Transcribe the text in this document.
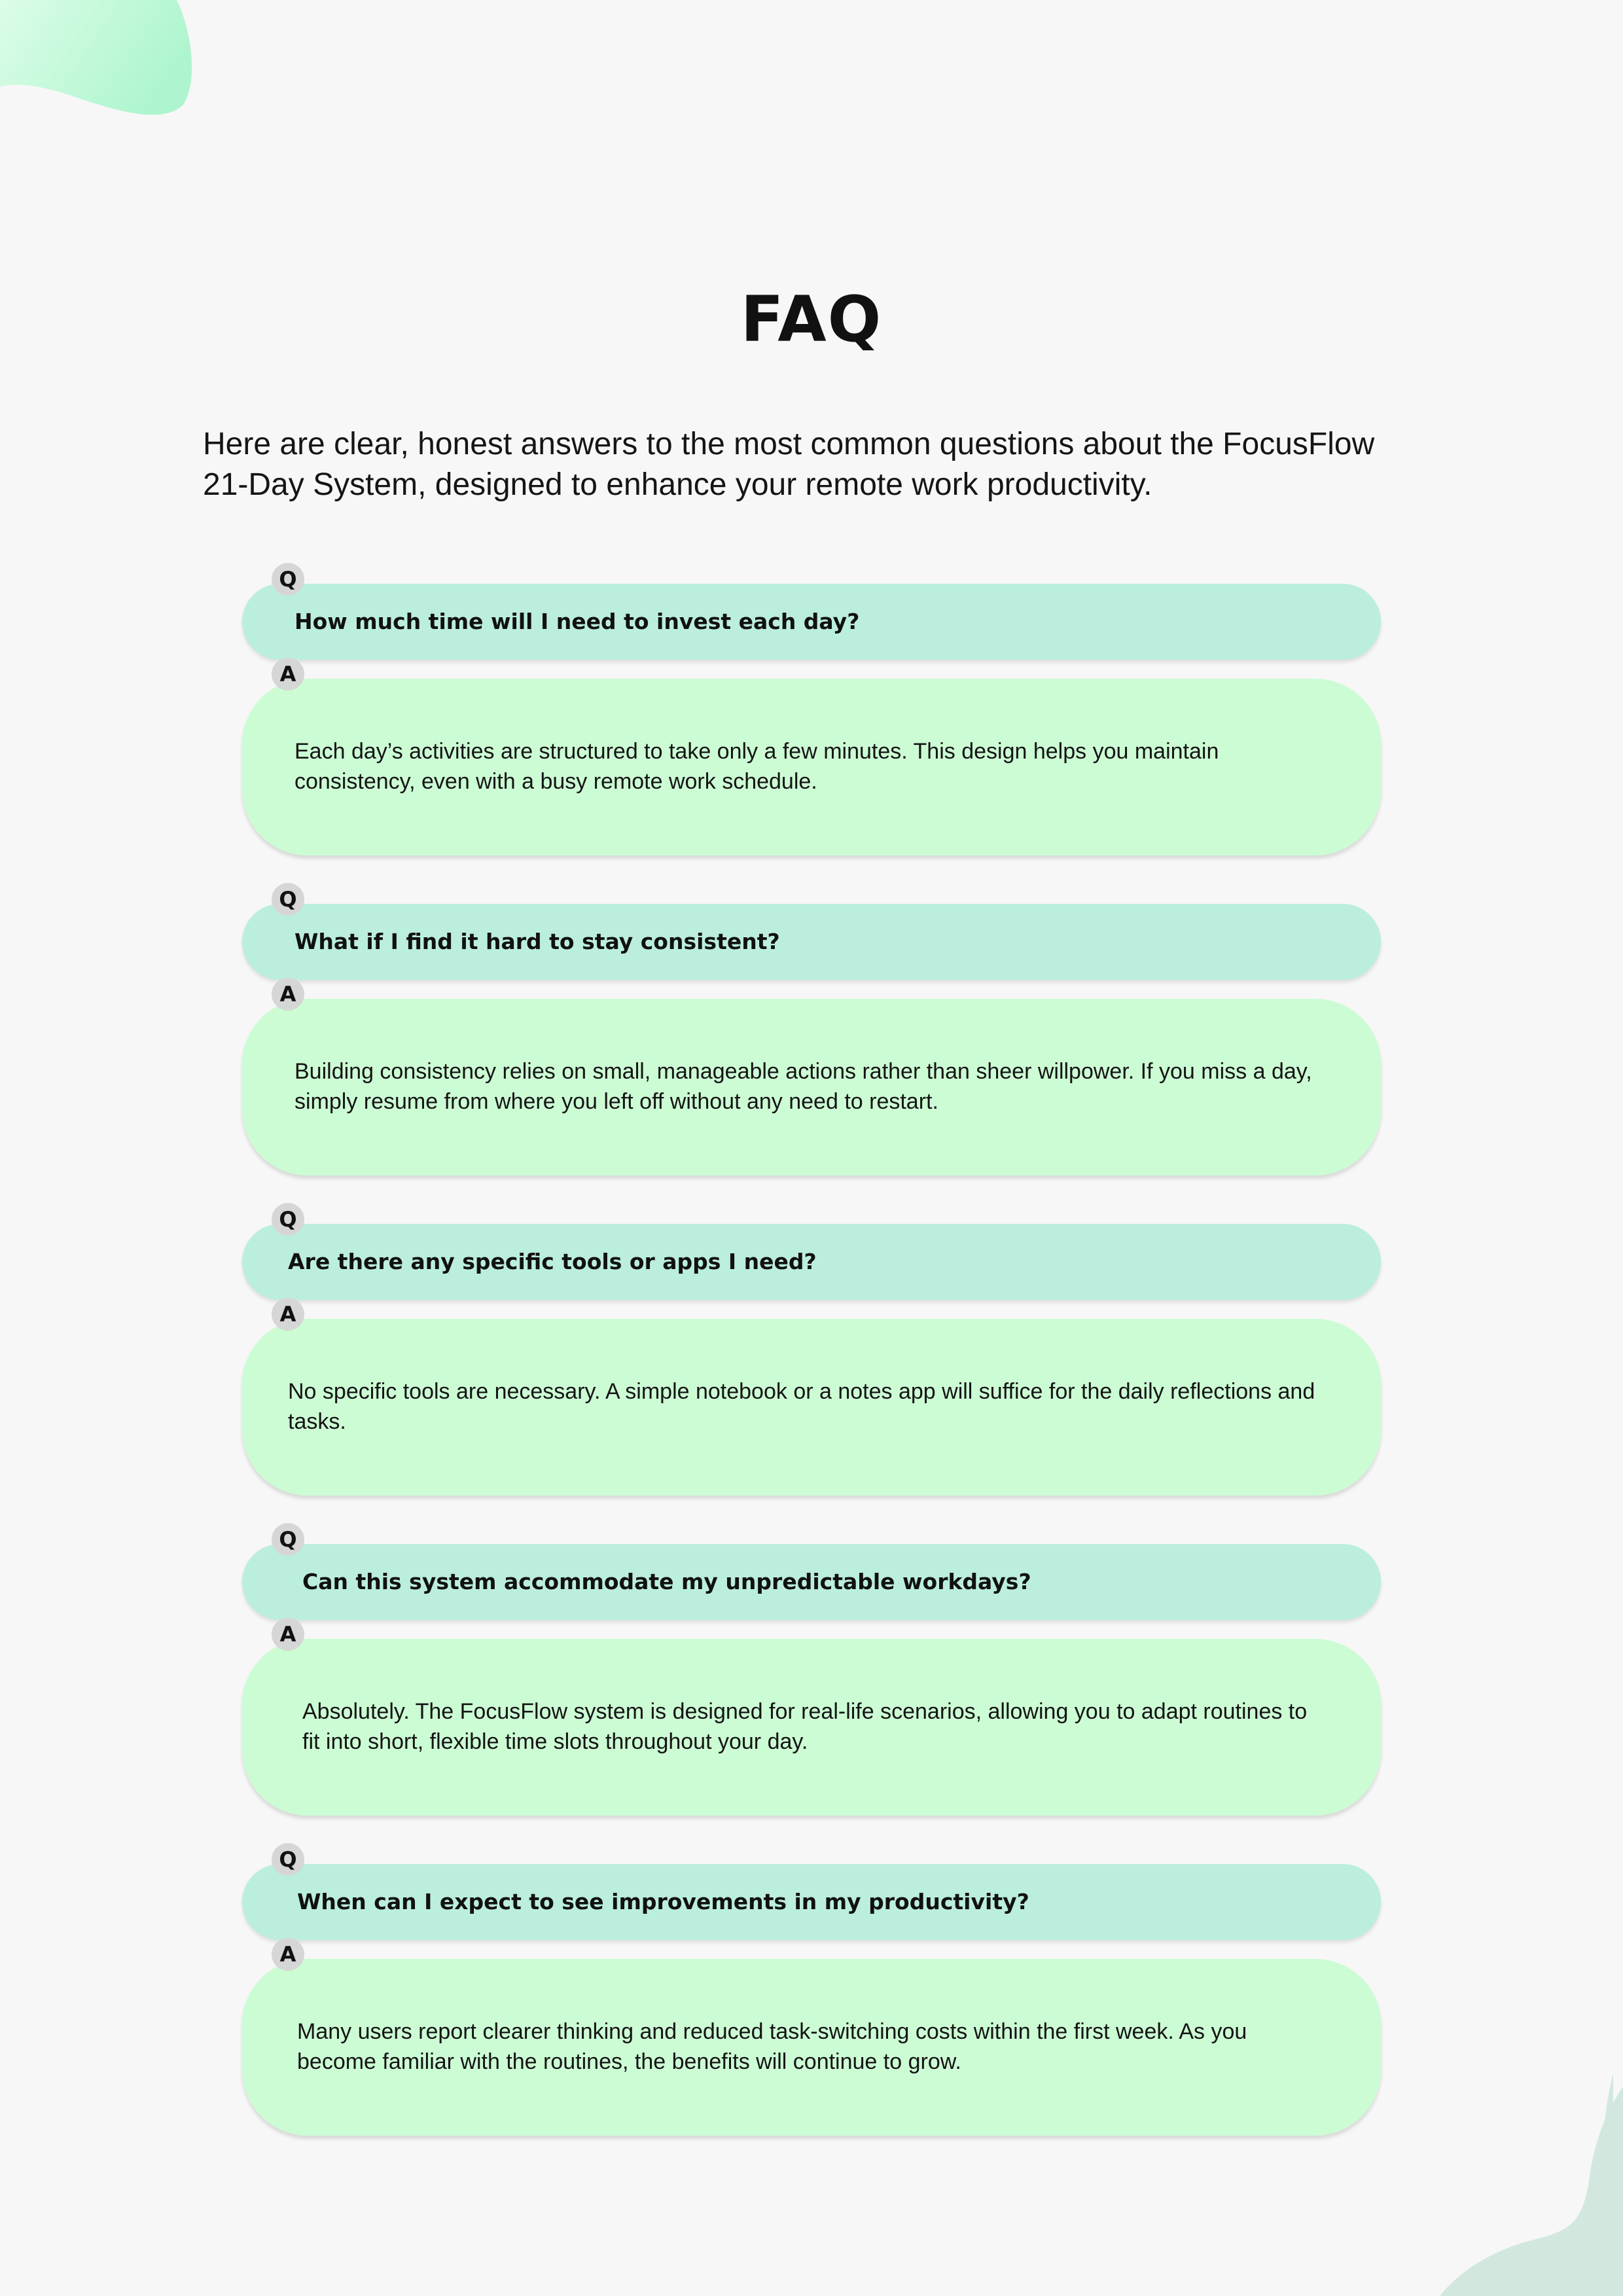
FAQ

Here are clear, honest answers to the most common questions about the FocusFlow 21-Day System, designed to enhance your remote work productivity.

How much time will I need to invest each day?
Q

Each day’s activities are structured to take only a few minutes. This design helps you maintain consistency, even with a busy remote work schedule.

A
What if I find it hard to stay consistent?
Q

Building consistency relies on small, manageable actions rather than sheer willpower. If you miss a day, simply resume from where you left off without any need to restart.

A
Are there any specific tools or apps I need?
Q

No specific tools are necessary. A simple notebook or a notes app will suffice for the daily reflections and tasks.

A
Can this system accommodate my unpredictable workdays?
Q

Absolutely. The FocusFlow system is designed for real-life scenarios, allowing you to adapt routines to fit into short, flexible time slots throughout your day.

A
When can I expect to see improvements in my productivity?
Q

Many users report clearer thinking and reduced task-switching costs within the first week. As you become familiar with the routines, the benefits will continue to grow.

A
